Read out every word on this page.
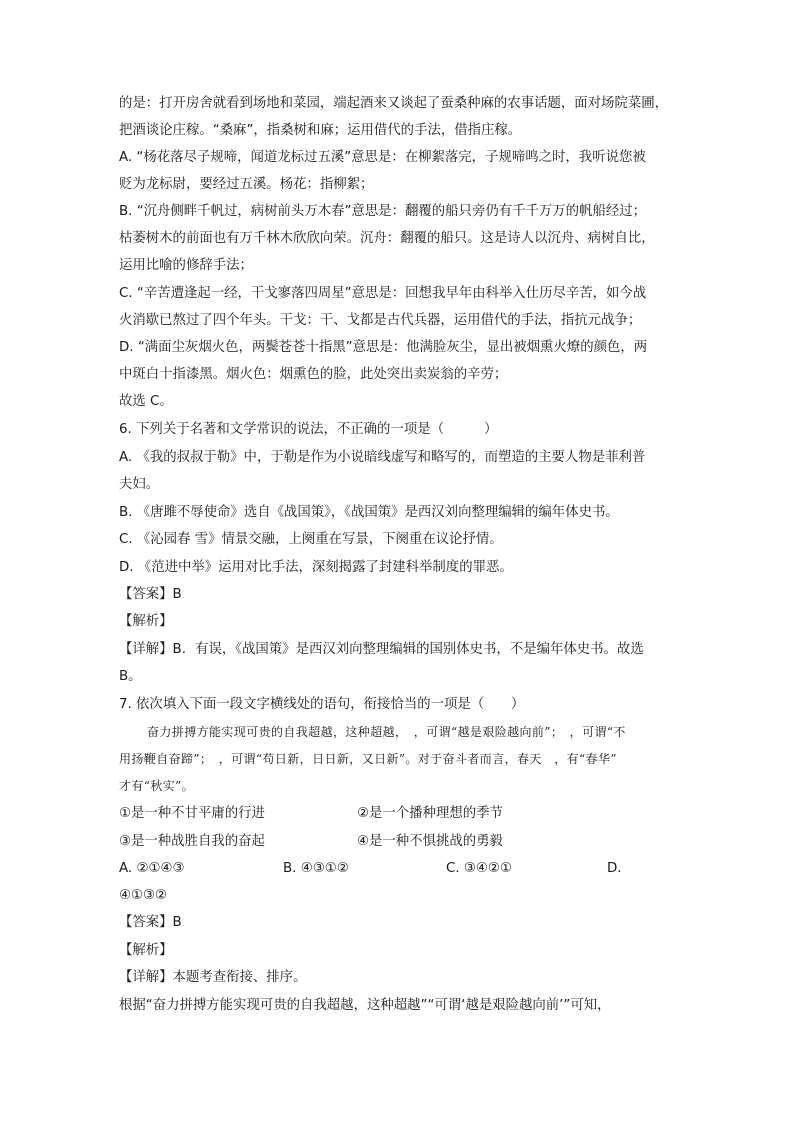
的是：打开房舍就看到场地和菜园，端起酒来又谈起了蚕桑种麻的农事话题，面对场院菜圃，
把酒谈论庄稼。“桑麻”，指桑树和麻；运用借代的手法，借指庄稼。
A. “杨花落尽子规啼，闻道龙标过五溪”意思是：在柳絮落完，子规啼鸣之时，我听说您被
贬为龙标尉，要经过五溪。杨花：指柳絮；
B. “沉舟侧畔千帆过，病树前头万木春”意思是：翻覆的船只旁仍有千千万万的帆船经过；
枯萎树木的前面也有万千林木欣欣向荣。沉舟：翻覆的船只。这是诗人以沉舟、病树自比，
运用比喻的修辞手法；
C. “辛苦遭逢起一经，干戈寥落四周星”意思是：回想我早年由科举入仕历尽辛苦，如今战
火消歇已熬过了四个年头。干戈：干、戈都是古代兵器，运用借代的手法，指抗元战争；
D. “满面尘灰烟火色，两鬓苍苍十指黑”意思是：他满脸灰尘，显出被烟熏火燎的颜色，两
中斑白十指漆黑。烟火色：烟熏色的脸，此处突出卖炭翁的辛劳；
故选 C。
6. 下列关于名著和文学常识的说法，不正确的一项是（　　　）
A. 《我的叔叔于勒》中，于勒是作为小说暗线虚写和略写的，而塑造的主要人物是菲利普
夫妇。
B. 《唐雎不辱使命》选自《战国策》，《战国策》是西汉刘向整理编辑的编年体史书。
C. 《沁园春 雪》情景交融，上阕重在写景，下阕重在议论抒情。
D. 《范进中举》运用对比手法，深刻揭露了封建科举制度的罪恶。
【答案】B
【解析】
【详解】B．有误，《战国策》是西汉刘向整理编辑的国别体史书，不是编年体史书。故选
B。
7. 依次填入下面一段文字横线处的语句，衔接恰当的一项是（　　）
奋力拼搏方能实现可贵的自我超越，这种超越，　，可谓“越是艰险越向前”；　，可谓“不
用扬鞭自奋蹄”；　，可谓“苟日新，日日新，又日新”。对于奋斗者而言，春天　，有“春华”
才有“秋实”。
①是一种不甘平庸的行进	②是一个播种理想的季节
③是一种战胜自我的奋起	④是一种不惧挑战的勇毅
A. ②①④③	B. ④③①②	C. ③④②①	D.
④①③②
【答案】B
【解析】
【详解】本题考查衔接、排序。
根据“奋力拼搏方能实现可贵的自我超越，这种超越”“可谓‘越是艰险越向前’”可知，
